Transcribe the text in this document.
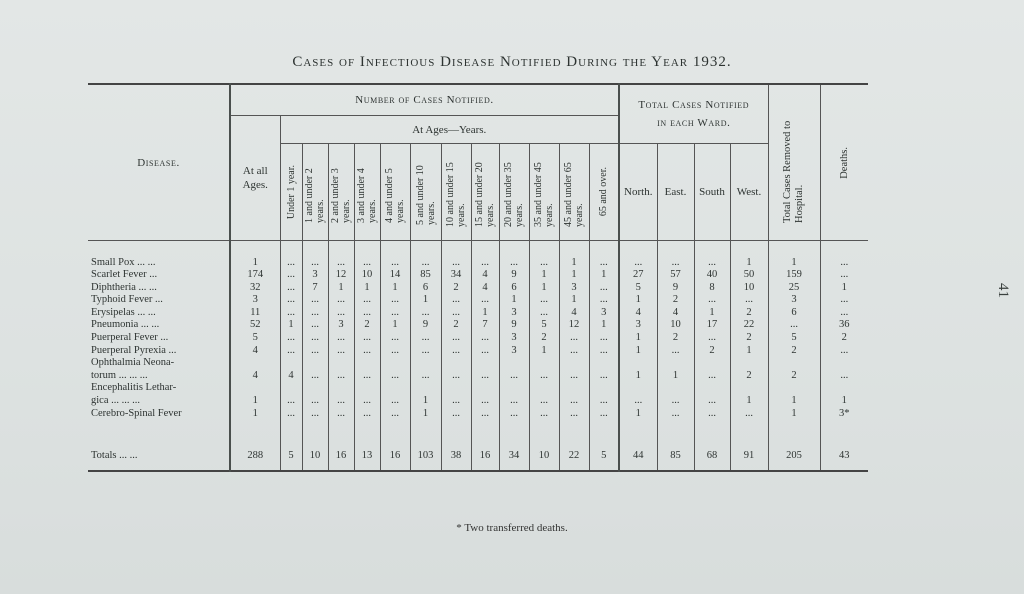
41
Cases of Infectious Disease Notified During the Year 1932.
Disease.	Number of Cases Notified.													Total Cases Notified in each Ward.				Total Cases Removed to Hospital.	Deaths.

	At all Ages.	At Ages—Years.																	

		Under 1 year.	1 and under 2 years.	2 and under 3 years.	3 and under 4 years.	4 and under 5 years.	5 and under 10 years.	10 and under 15 years.	15 and under 20 years.	20 and under 35 years.	35 and under 45 years.	45 and under 65 years.	65 and over.	North.	East.	South	West.		

Small Pox ... ...	1	...	...	...	...	...	...	...	...	...	...	1	...	...	...	...	1	1	...

Scarlet Fever ...	174	...	3	12	10	14	85	34	4	9	1	1	1	27	57	40	50	159	...

Diphtheria ... ...	32	...	7	1	1	1	6	2	4	6	1	3	...	5	9	8	10	25	1

Typhoid Fever ...	3	...	...	...	...	...	1	...	...	1	...	1	...	1	2	...	...	3	...

Erysipelas ... ...	11	...	...	...	...	...	...	...	1	3	...	4	3	4	4	1	2	6	...

Pneumonia ... ...	52	1	...	3	2	1	9	2	7	9	5	12	1	3	10	17	22	...	36

Puerperal Fever ...	5	...	...	...	...	...	...	...	...	3	2	...	...	1	2	...	2	5	2

Puerperal Pyrexia ...	4	...	...	...	...	...	...	...	...	3	1	...	...	1	...	2	1	2	...

Ophthalmia Neona-
torum ... ... ...	4	4	...	...	...	...	...	...	...	...	...	...	...	1	1	...	2	2	...

Encephalitis Lethar-
gica ... ... ...	1	...	...	...	...	...	1	...	...	...	...	...	...	...	...	...	1	1	1

Cerebro-Spinal Fever	1	...	...	...	...	...	1	...	...	...	...	...	...	1	...	...	...	1	3*

Totals ... ...	288	5	10	16	13	16	103	38	16	34	10	22	5	44	85	68	91	205	43
* Two transferred deaths.
